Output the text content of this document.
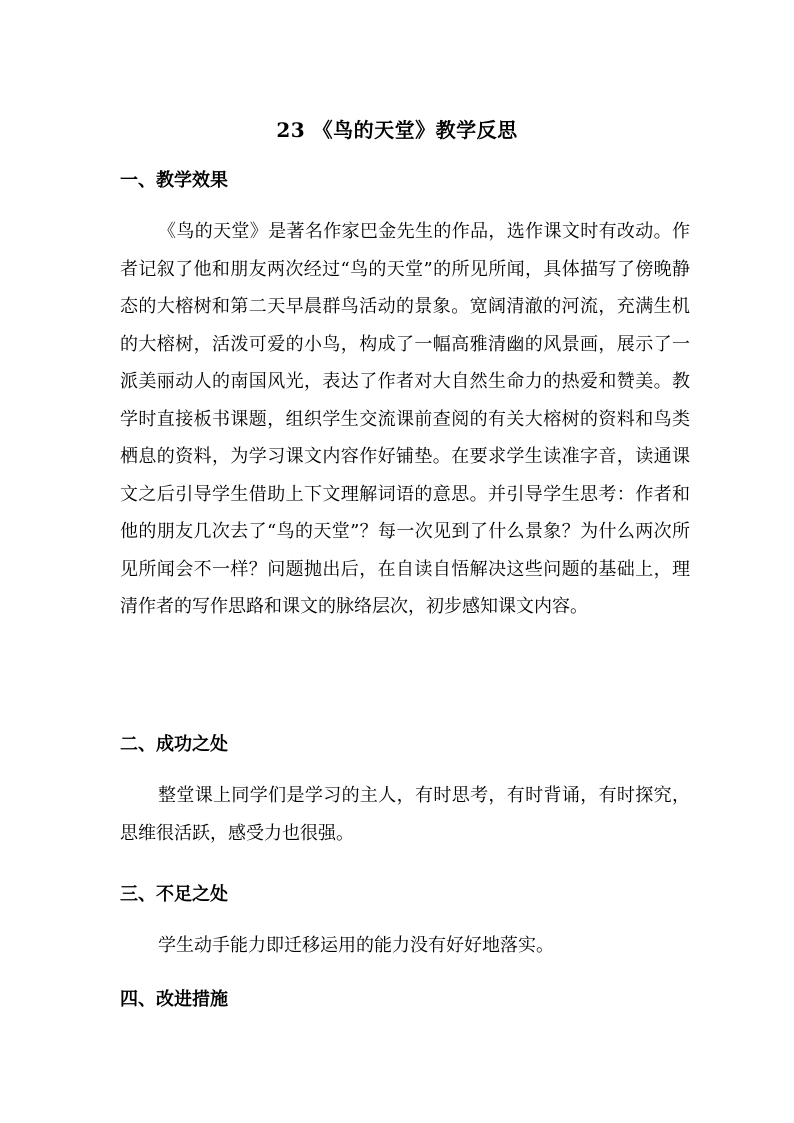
23 《鸟的天堂》教学反思
一、教学效果

《鸟的天堂》是著名作家巴金先生的作品，选作课文时有改动。作者记叙了他和朋友两次经过“鸟的天堂”的所见所闻，具体描写了傍晚静态的大榕树和第二天早晨群鸟活动的景象。宽阔清澈的河流，充满生机的大榕树，活泼可爱的小鸟，构成了一幅高雅清幽的风景画，展示了一派美丽动人的南国风光，表达了作者对大自然生命力的热爱和赞美。教学时直接板书课题，组织学生交流课前查阅的有关大榕树的资料和鸟类栖息的资料，为学习课文内容作好铺垫。在要求学生读准字音，读通课文之后引导学生借助上下文理解词语的意思。并引导学生思考：作者和他的朋友几次去了“鸟的天堂”？每一次见到了什么景象？为什么两次所见所闻会不一样？问题抛出后，在自读自悟解决这些问题的基础上，理清作者的写作思路和课文的脉络层次，初步感知课文内容。

二、成功之处

整堂课上同学们是学习的主人，有时思考，有时背诵，有时探究，思维很活跃，感受力也很强。

三、不足之处

学生动手能力即迁移运用的能力没有好好地落实。

四、改进措施
